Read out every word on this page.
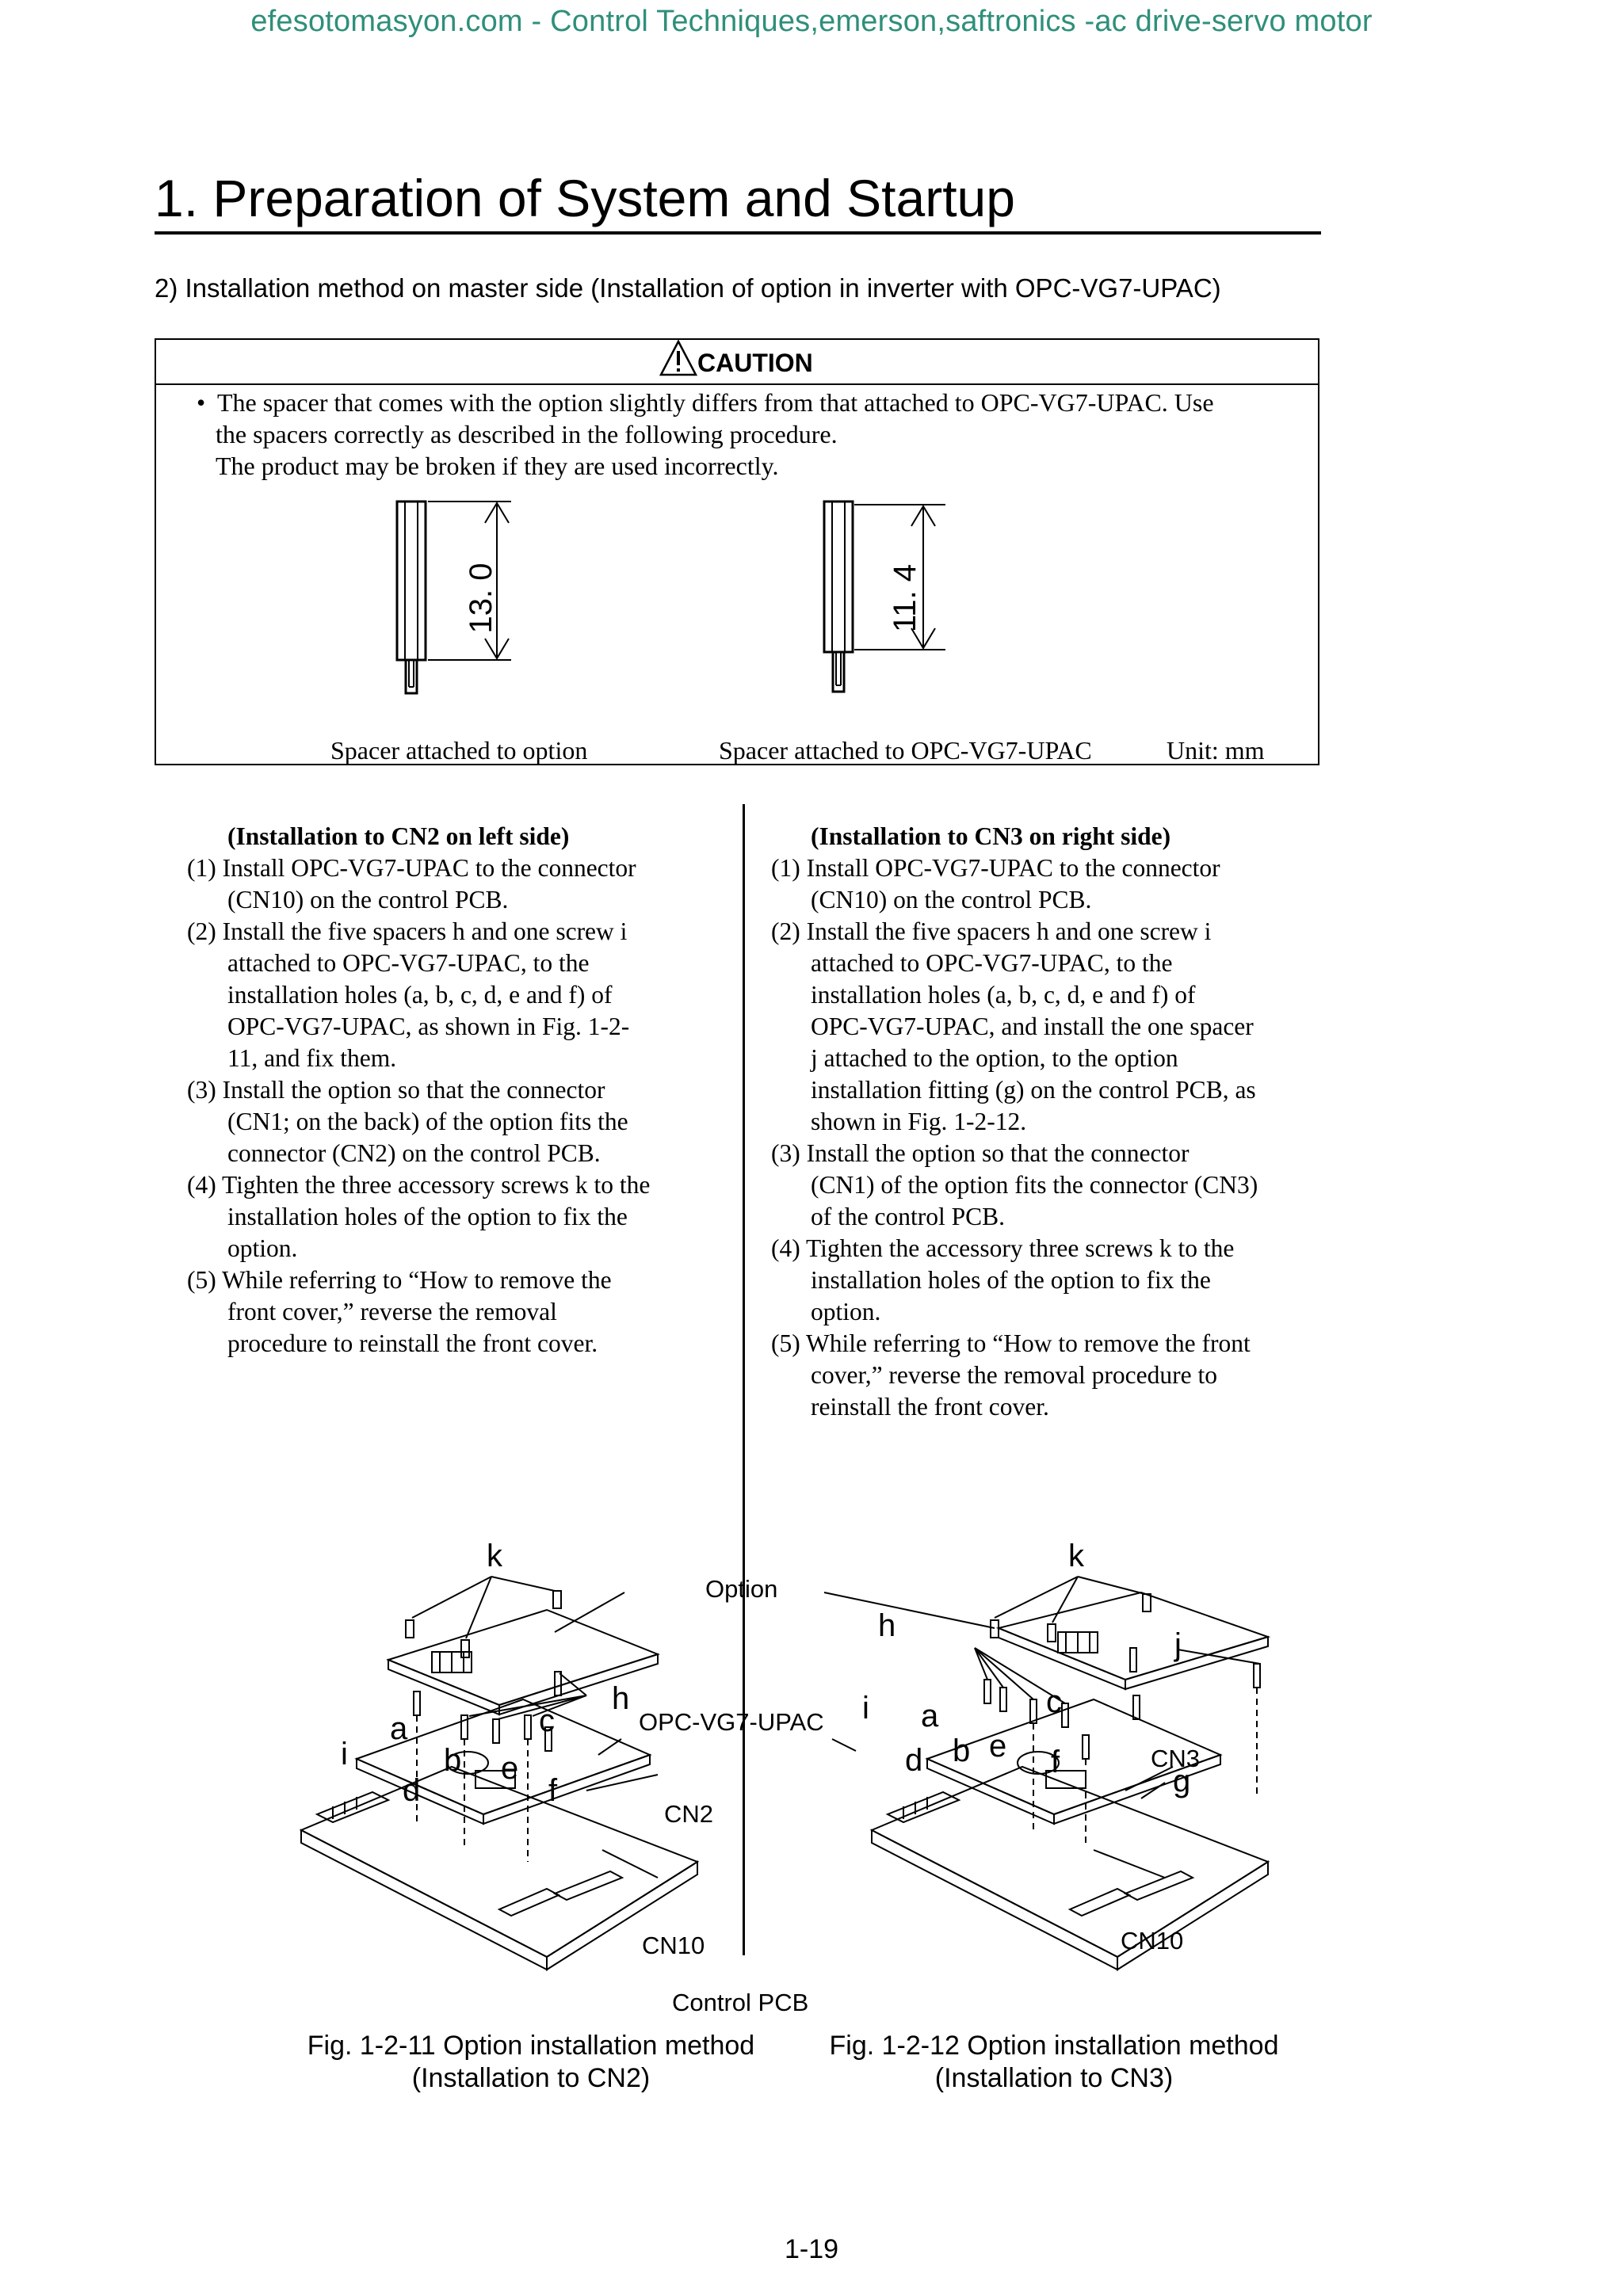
efesotomasyon.com - Control Techniques,emerson,saftronics -ac drive-servo motor
1. Preparation of System and Startup
2) Installation method on master side (Installation of option in inverter with OPC-VG7-UPAC)
CAUTION
• The spacer that comes with the option slightly differs from that attached to OPC-VG7-UPAC. Use
the spacers correctly as described in the following procedure.
The product may be broken if they are used incorrectly.
13. 0	11. 4
Spacer attached to option	Spacer attached to OPC-VG7-UPAC	Unit: mm
(Installation to CN2 on left side)
(1) Install OPC-VG7-UPAC to the connector
(CN10) on the control PCB.
(2) Install the five spacers h and one screw i
attached to OPC-VG7-UPAC, to the
installation holes (a, b, c, d, e and f) of
OPC-VG7-UPAC, as shown in Fig. 1-2-
11, and fix them.
(3) Install the option so that the connector
(CN1; on the back) of the option fits the
connector (CN2) on the control PCB.
(4) Tighten the three accessory screws k to the
installation holes of the option to fix the
option.
(5) While referring to “How to remove the
front cover,” reverse the removal
procedure to reinstall the front cover.
(Installation to CN3 on right side)
(1) Install OPC-VG7-UPAC to the connector
(CN10) on the control PCB.
(2) Install the five spacers h and one screw i
attached to OPC-VG7-UPAC, to the
installation holes (a, b, c, d, e and f) of
OPC-VG7-UPAC, and install the one spacer
j attached to the option, to the option
installation fitting (g) on the control PCB, as
shown in Fig. 1-2-12.
(3) Install the option so that the connector
(CN1) of the option fits the connector (CN3)
of the control PCB.
(4) Tighten the accessory three screws k to the
installation holes of the option to fix the
option.
(5) While referring to “How to remove the front
cover,” reverse the removal procedure to
reinstall the front cover.
k
h
a	c
i	b e
d	f
Option
OPC-VG7-UPAC
CN2
CN10
Control PCB
k
h
j
i a	c
d b e f	CN3
g
CN10
Fig. 1-2-11 Option installation method
(Installation to CN2)
Fig. 1-2-12 Option installation method
(Installation to CN3)
1-19
